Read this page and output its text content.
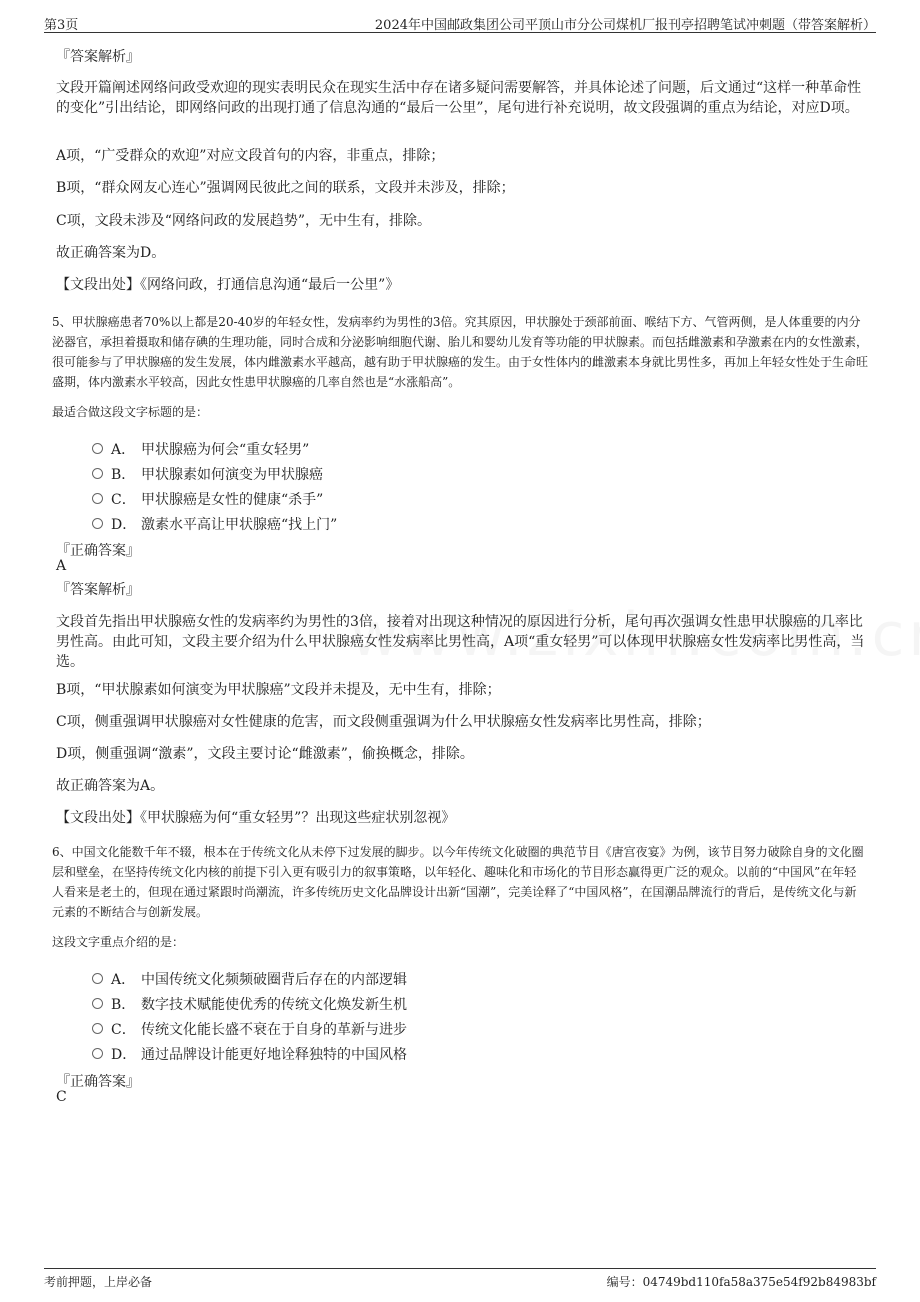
第3页	2024年中国邮政集团公司平顶山市分公司煤机厂报刊亭招聘笔试冲刺题（带答案解析）
『答案解析』
文段开篇阐述网络问政受欢迎的现实表明民众在现实生活中存在诸多疑问需要解答，并具体论述了问题，后文通过“这样一种革命性的变化”引出结论，即网络问政的出现打通了信息沟通的“最后一公里”，尾句进行补充说明，故文段强调的重点为结论，对应D项。
A项，“广受群众的欢迎”对应文段首句的内容，非重点，排除；
B项，“群众网友心连心”强调网民彼此之间的联系，文段并未涉及，排除；
C项，文段未涉及“网络问政的发展趋势”，无中生有，排除。
故正确答案为D。
【文段出处】《网络问政，打通信息沟通“最后一公里”》
5、甲状腺癌患者70%以上都是20-40岁的年轻女性，发病率约为男性的3倍。究其原因，甲状腺处于颈部前面、喉结下方、气管两侧，是人体重要的内分泌器官，承担着摄取和储存碘的生理功能，同时合成和分泌影响细胞代谢、胎儿和婴幼儿发育等功能的甲状腺素。而包括雌激素和孕激素在内的女性激素，很可能参与了甲状腺癌的发生发展，体内雌激素水平越高，越有助于甲状腺癌的发生。由于女性体内的雌激素本身就比男性多，再加上年轻女性处于生命旺盛期，体内激素水平较高，因此女性患甲状腺癌的几率自然也是“水涨船高”。
最适合做这段文字标题的是：
A． 甲状腺癌为何会“重女轻男”
B． 甲状腺素如何演变为甲状腺癌
C． 甲状腺癌是女性的健康“杀手”
D． 激素水平高让甲状腺癌“找上门”
『正确答案』
A
『答案解析』
文段首先指出甲状腺癌女性的发病率约为男性的3倍，接着对出现这种情况的原因进行分析，尾句再次强调女性患甲状腺癌的几率比男性高。由此可知，文段主要介绍为什么甲状腺癌女性发病率比男性高，A项“重女轻男”可以体现甲状腺癌女性发病率比男性高，当选。
B项，“甲状腺素如何演变为甲状腺癌”文段并未提及，无中生有，排除；
C项，侧重强调甲状腺癌对女性健康的危害，而文段侧重强调为什么甲状腺癌女性发病率比男性高，排除；
D项，侧重强调“激素”，文段主要讨论“雌激素”，偷换概念，排除。
故正确答案为A。
【文段出处】《甲状腺癌为何“重女轻男”？出现这些症状别忽视》
6、中国文化能数千年不辍，根本在于传统文化从未停下过发展的脚步。以今年传统文化破圈的典范节目《唐宫夜宴》为例，该节目努力破除自身的文化圈层和壁垒，在坚持传统文化内核的前提下引入更有吸引力的叙事策略，以年轻化、趣味化和市场化的节目形态赢得更广泛的观众。以前的“中国风”在年轻人看来是老土的，但现在通过紧跟时尚潮流，许多传统历史文化品牌设计出新“国潮”，完美诠释了“中国风格”，在国潮品牌流行的背后，是传统文化与新元素的不断结合与创新发展。
这段文字重点介绍的是：
A． 中国传统文化频频破圈背后存在的内部逻辑
B． 数字技术赋能使优秀的传统文化焕发新生机
C． 传统文化能长盛不衰在于自身的革新与进步
D． 通过品牌设计能更好地诠释独特的中国风格
『正确答案』
C
考前押题，上岸必备	编号：04749bd110fa58a375e54f92b84983bf
